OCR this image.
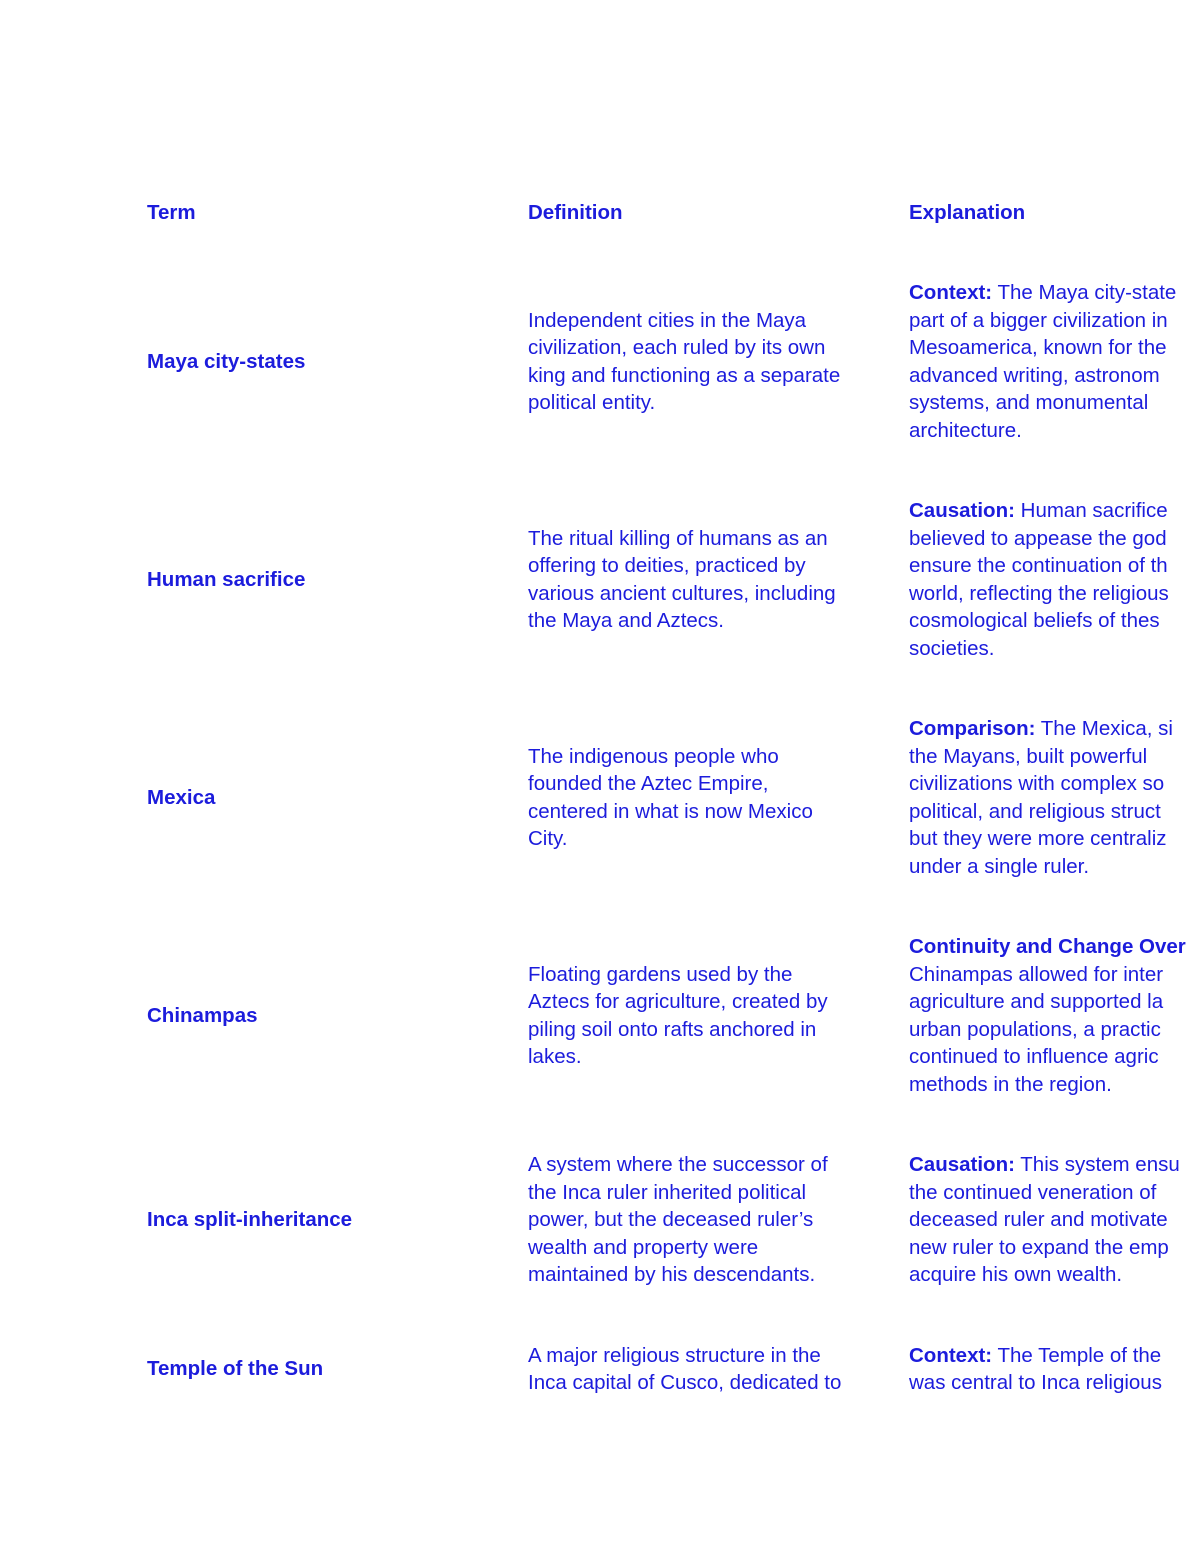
Term	Definition	Explanation
Maya city-states
Independent cities in the Maya
civilization, each ruled by its own
king and functioning as a separate
political entity.
Context: The Maya city-state
part of a bigger civilization in
Mesoamerica, known for the
advanced writing, astronom
systems, and monumental
architecture.
Human sacrifice
The ritual killing of humans as an
offering to deities, practiced by
various ancient cultures, including
the Maya and Aztecs.
Causation: Human sacrifice
believed to appease the god
ensure the continuation of th
world, reflecting the religious
cosmological beliefs of thes
societies.
Mexica
The indigenous people who
founded the Aztec Empire,
centered in what is now Mexico
City.
Comparison: The Mexica, si
the Mayans, built powerful
civilizations with complex so
political, and religious struct
but they were more centraliz
under a single ruler.
Chinampas
Floating gardens used by the
Aztecs for agriculture, created by
piling soil onto rafts anchored in
lakes.
Continuity and Change Over
Chinampas allowed for inter
agriculture and supported la
urban populations, a practic
continued to influence agric
methods in the region.
Inca split-inheritance
A system where the successor of
the Inca ruler inherited political
power, but the deceased ruler’s
wealth and property were
maintained by his descendants.
Causation: This system ensu
the continued veneration of
deceased ruler and motivate
new ruler to expand the emp
acquire his own wealth.
Temple of the Sun
A major religious structure in the
Inca capital of Cusco, dedicated to
Context: The Temple of the
was central to Inca religious
